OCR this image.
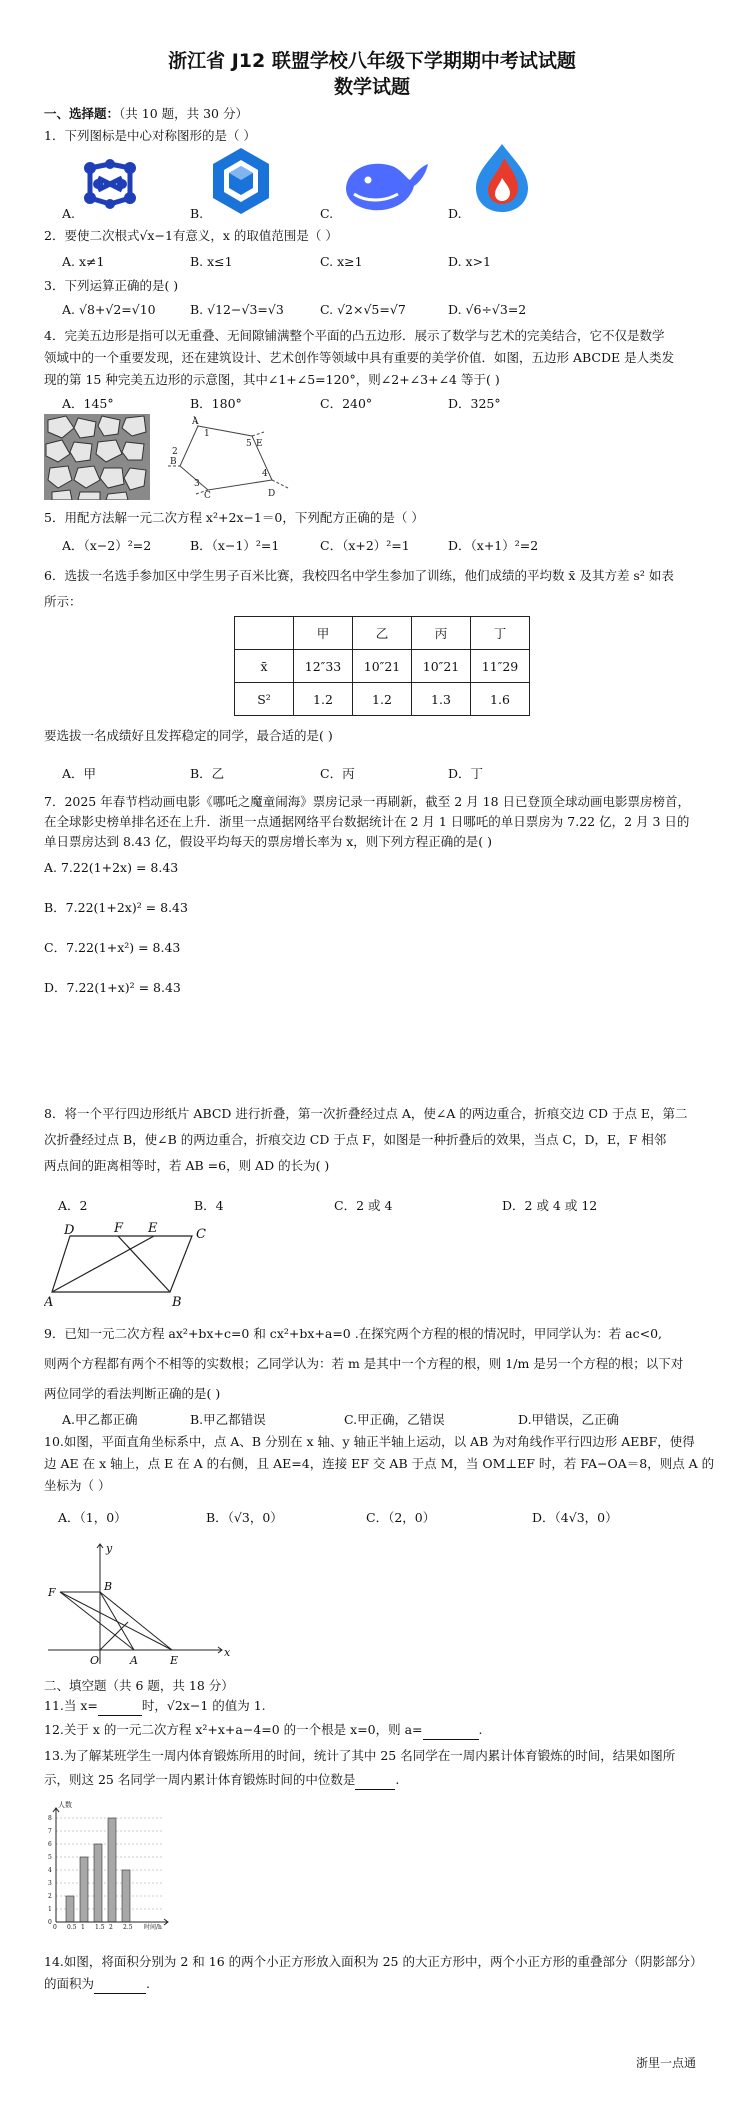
浙江省 J12 联盟学校八年级下学期期中考试试题
数学试题
一、选择题：（共 10 题，共 30 分）
1．下列图标是中心对称图形的是（ ）
A.	B.	C.	D.
2．要使二次根式√x−1有意义，x 的取值范围是（ ）
A. x≠1	B. x≤1	C. x≥1	D. x>1
3．下列运算正确的是( )
A. √8+√2=√10	B. √12−√3=√3	C. √2×√5=√7	D. √6÷√3=2
4．完美五边形是指可以无重叠、无间隙铺满整个平面的凸五边形．展示了数学与艺术的完美结合，它不仅是数学
领域中的一个重要发现，还在建筑设计、艺术创作等领域中具有重要的美学价值．如图，五边形 ABCDE 是人类发
现的第 15 种完美五边形的示意图，其中∠1+∠5=120°，则∠2+∠3+∠4 等于( )
A．145°	B．180°	C．240°	D．325°
A
B
C	D
E
1
2
3
4
5
5．用配方法解一元二次方程 x²+2x−1＝0，下列配方正确的是（ ）
A．（x−2）²=2	B．（x−1）²=1	C．（x+2）²=1	D．（x+1）²=2
6．选拔一名选手参加区中学生男子百米比赛，我校四名中学生参加了训练，他们成绩的平均数 x̄ 及其方差 s² 如表
所示：
	甲	乙	丙	丁
x̄	12″33	10″21	10″21	11″29
S²	1.2	1.2	1.3	1.6
要选拔一名成绩好且发挥稳定的同学，最合适的是( )
A．甲	B．乙	C．丙	D．丁
7．2025 年春节档动画电影《哪吒之魔童闹海》票房记录一再刷新，截至 2 月 18 日已登顶全球动画电影票房榜首，
在全球影史榜单排名还在上升．浙里一点通据网络平台数据统计在 2 月 1 日哪吒的单日票房为 7.22 亿，2 月 3 日的
单日票房达到 8.43 亿，假设平均每天的票房增长率为 x，则下列方程正确的是( )
A. 7.22(1+2x) = 8.43
B．7.22(1+2x)² = 8.43
C．7.22(1+x²) = 8.43
D．7.22(1+x)² = 8.43
8．将一个平行四边形纸片 ABCD 进行折叠，第一次折叠经过点 A，使∠A 的两边重合，折痕交边 CD 于点 E，第二
次折叠经过点 B，使∠B 的两边重合，折痕交边 CD 于点 F，如图是一种折叠后的效果，当点 C，D，E，F 相邻
两点间的距离相等时，若 AB =6，则 AD 的长为( )
A．2	B．4	C．2 或 4	D．2 或 4 或 12
D	F E	C
A	B
9．已知一元二次方程 ax²+bx+c=0 和 cx²+bx+a=0 .在探究两个方程的根的情况时，甲同学认为：若 ac<0,
则两个方程都有两个不相等的实数根；乙同学认为：若 m 是其中一个方程的根，则 1/m 是另一个方程的根；以下对
两位同学的看法判断正确的是( )
A.甲乙都正确	B.甲乙都错误	C.甲正确，乙错误	D.甲错误，乙正确
10.如图，平面直角坐标系中，点 A、B 分别在 x 轴、y 轴正半轴上运动，以 AB 为对角线作平行四边形 AEBF，使得
边 AE 在 x 轴上，点 E 在 A 的右侧，且 AE=4，连接 EF 交 AB 于点 M，当 OM⊥EF 时，若 FA−OA＝8，则点 A 的
坐标为（ ）
A．（1，0）	B．（√3，0）	C．（2，0）	D．（4√3，0）
y
x
F	B
O	A	E
二、填空题（共 6 题，共 18 分）
11.当 x=	时，√2x−1 的值为 1.
12.关于 x 的一元二次方程 x²+x+a−4=0 的一个根是 x=0，则 a=	.
13.为了解某班学生一周内体育锻炼所用的时间，统计了其中 25 名同学在一周内累计体育锻炼的时间，结果如图所
示，则这 25 名同学一周内累计体育锻炼时间的中位数是	.
0
1
2
3
4
5
6
7
8
0 0.5 1 1.5 2 2.5
人数
时间/h
14.如图，将面积分别为 2 和 16 的两个小正方形放入面积为 25 的大正方形中，两个小正方形的重叠部分（阴影部分）
的面积为	.
浙里一点通
